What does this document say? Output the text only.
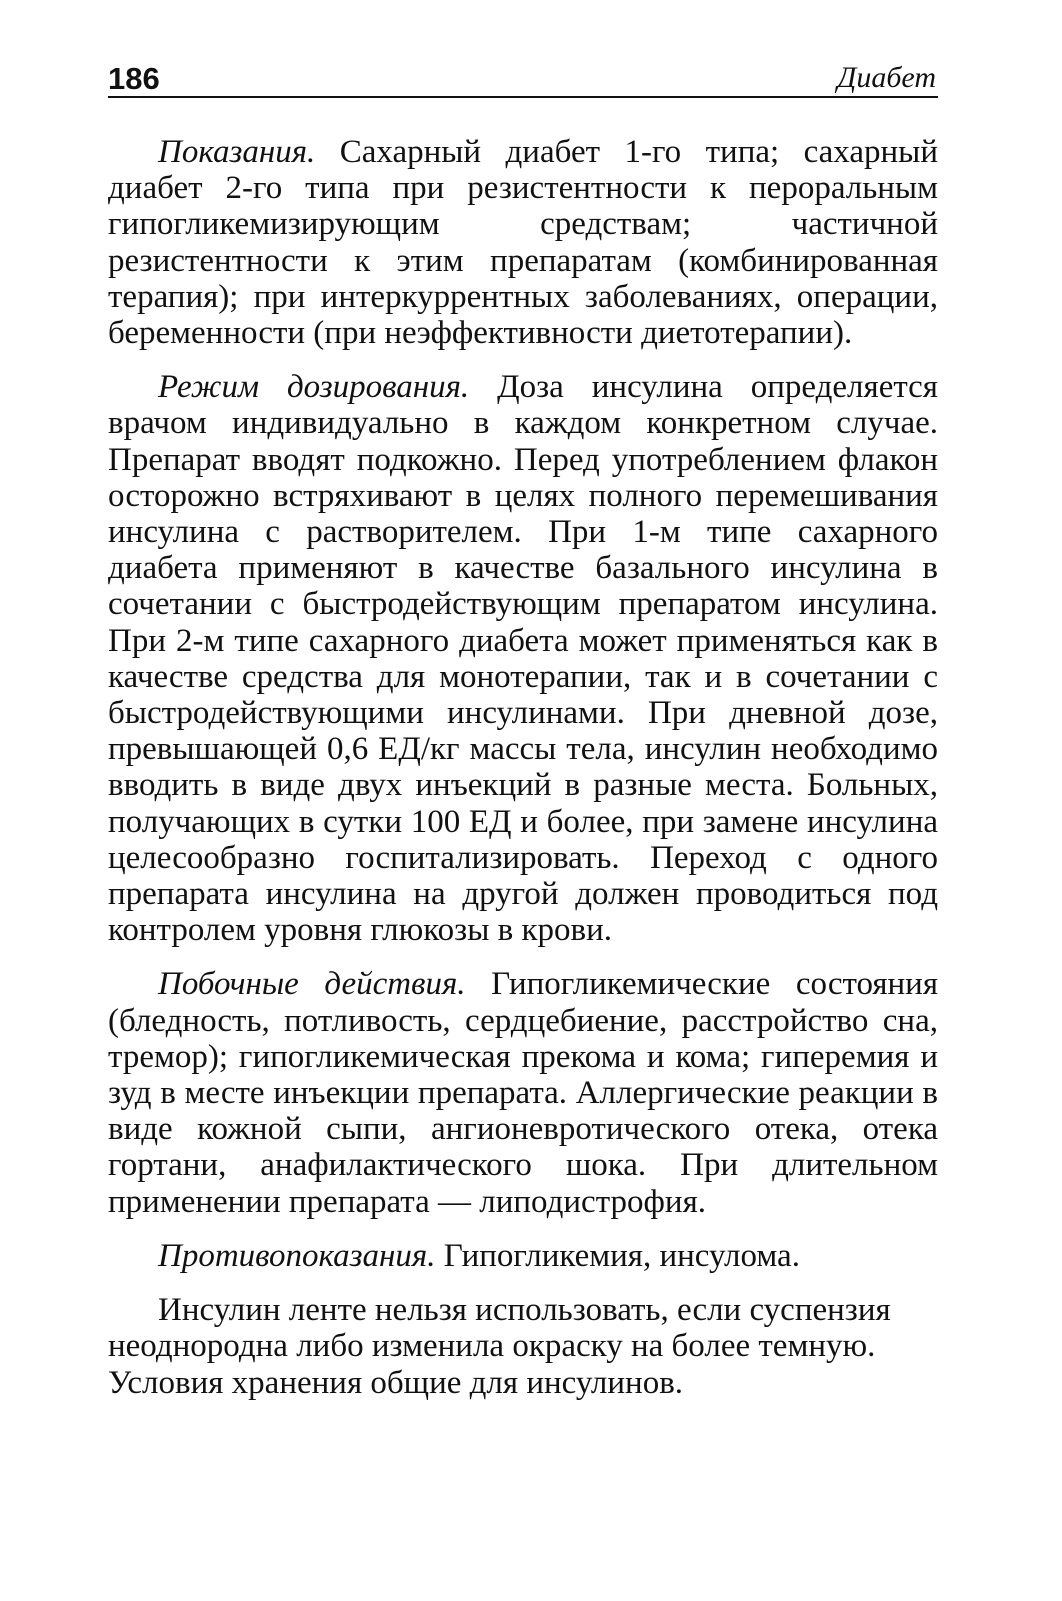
186	Диабет

Показания. Сахарный диабет 1-го типа; сахарный диабет 2-го типа при резистентности к пероральным гипогликемизирующим средствам; частичной резистентности к этим препаратам (комбинированная терапия); при интеркуррентных заболеваниях, операции, беременности (при неэффективности диетотерапии).

Режим дозирования. Доза инсулина определяется врачом индивидуально в каждом конкретном случае. Препарат вводят подкожно. Перед употреблением флакон осторожно встряхивают в целях полного перемешивания инсулина с растворителем. При 1-м типе сахарного диабета применяют в качестве базального инсулина в сочетании с быстродействующим препаратом инсулина. При 2-м типе сахарного диабета может применяться как в качестве средства для монотерапии, так и в сочетании с быстродействующими инсулинами. При дневной дозе, превышающей 0,6 ЕД/кг массы тела, инсулин необходимо вводить в виде двух инъекций в разные места. Больных, получающих в сутки 100 ЕД и более, при замене инсулина целесообразно госпитализировать. Переход с одного препарата инсулина на другой должен проводиться под контролем уровня глюкозы в крови.

Побочные действия. Гипогликемические состояния (бледность, потливость, сердцебиение, расстройство сна, тремор); гипогликемическая прекома и кома; гиперемия и зуд в месте инъекции препарата. Аллергические реакции в виде кожной сыпи, ангионевротического отека, отека гортани, анафилактического шока. При длительном применении препарата — липодистрофия.

Противопоказания. Гипогликемия, инсулома.

Инсулин ленте нельзя использовать, если суспензия неоднородна либо изменила окраску на более темную. Условия хранения общие для инсулинов.
